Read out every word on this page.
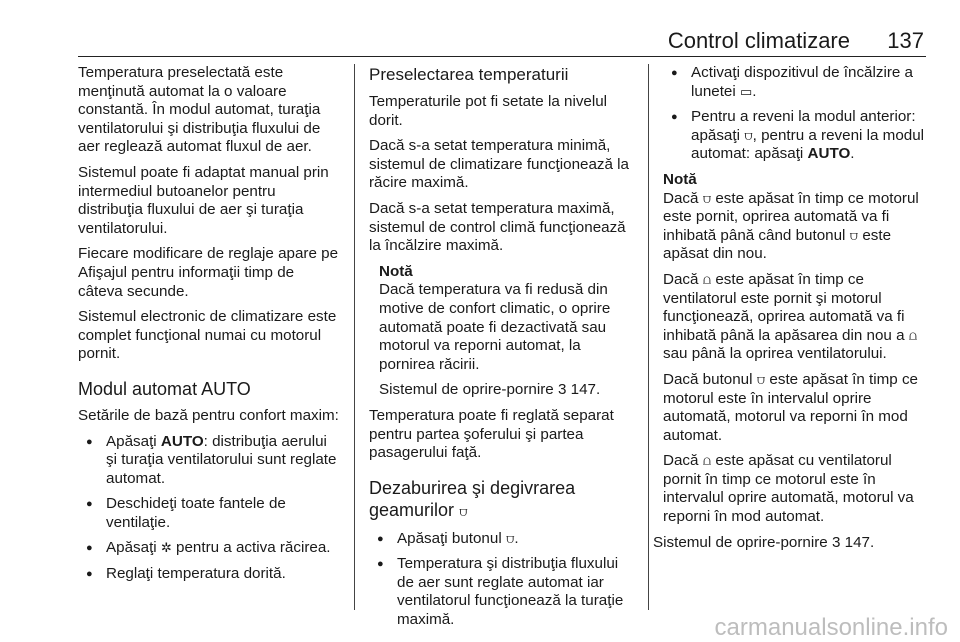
Control climatizare 137

Temperatura preselectată este menţinută automat la o valoare constantă. În modul automat, turaţia ventilatorului şi distribuţia fluxului de aer reglează automat fluxul de aer.

Sistemul poate fi adaptat manual prin intermediul butoanelor pentru distribuţia fluxului de aer şi turaţia ventilatorului.

Fiecare modificare de reglaje apare pe Afişajul pentru informaţii timp de câteva secunde.

Sistemul electronic de climatizare este complet funcţional numai cu motorul pornit.

Modul automat AUTO

Setările de bază pentru confort maxim:

● Apăsaţi AUTO: distribuţia aerului şi turaţia ventilatorului sunt reglate automat.
● Deschideţi toate fantele de ventilaţie.
● Apăsaţi ✲ pentru a activa răcirea.
● Reglaţi temperatura dorită.
Preselectarea temperaturii

Temperaturile pot fi setate la nivelul dorit.

Dacă s-a setat temperatura minimă, sistemul de climatizare funcţionează la răcire maximă.

Dacă s-a setat temperatura maximă, sistemul de control climă funcţionează la încălzire maximă.

Notă

Dacă temperatura va fi redusă din motive de confort climatic, o oprire automată poate fi dezactivată sau motorul va reporni automat, la pornirea răcirii.

Sistemul de oprire-pornire 3 147.

Temperatura poate fi reglată separat pentru partea şoferului şi partea pasagerului faţă.

Dezaburirea şi degivrarea geamurilor ⩌
● Apăsaţi butonul ⩌.
● Temperatura şi distribuţia fluxului de aer sunt reglate automat iar ventilatorul funcţionează la turaţie maximă.
● Activaţi dispozitivul de încălzire a lunetei ▭.
● Pentru a reveni la modul anterior: apăsaţi ⩌, pentru a reveni la modul automat: apăsaţi AUTO.
Notă

Dacă ⩌ este apăsat în timp ce motorul este pornit, oprirea automată va fi inhibată până când butonul ⩌ este apăsat din nou.

Dacă ⩍ este apăsat în timp ce ventilatorul este pornit şi motorul funcţionează, oprirea automată va fi inhibată până la apăsarea din nou a ⩍ sau până la oprirea ventilatorului.

Dacă butonul ⩌ este apăsat în timp ce motorul este în intervalul oprire automată, motorul va reporni în mod automat.

Dacă ⩍ este apăsat cu ventilatorul pornit în timp ce motorul este în intervalul oprire automată, motorul va reporni în mod automat.

Sistemul de oprire-pornire 3 147.

carmanualsonline.info
